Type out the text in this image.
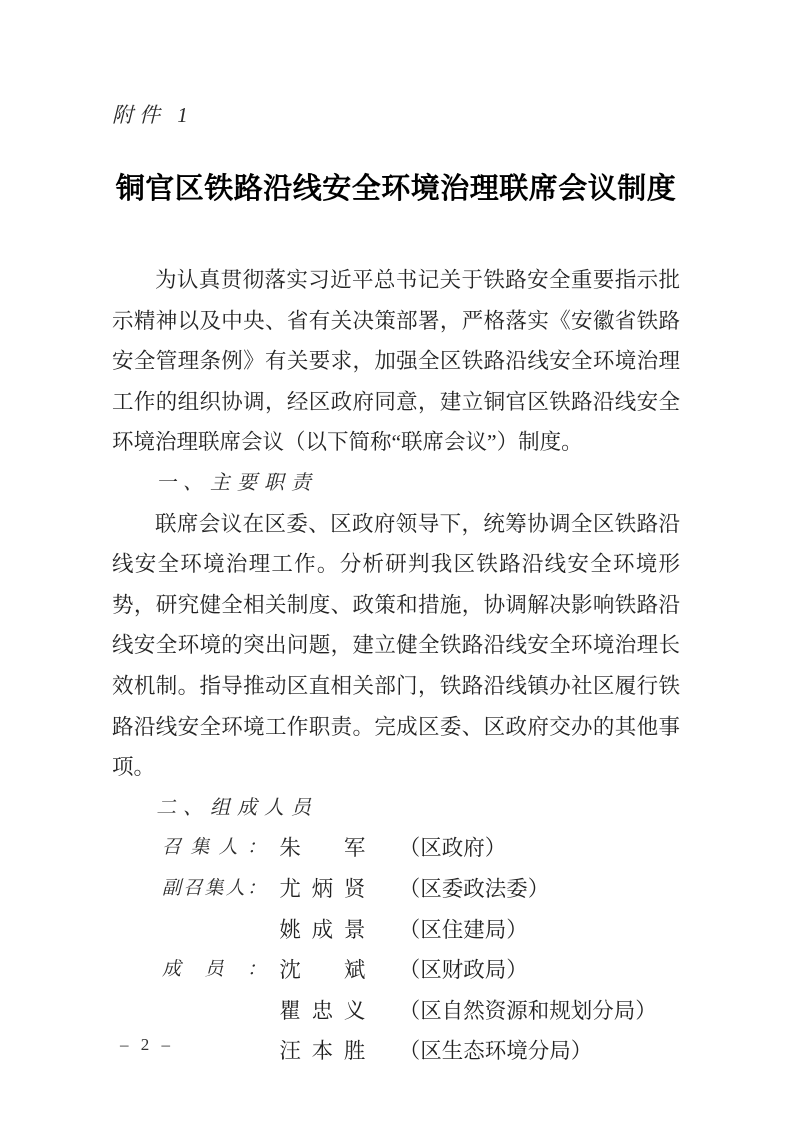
附件 1
铜官区铁路沿线安全环境治理联席会议制度

为认真贯彻落实习近平总书记关于铁路安全重要指示批示精神以及中央、省有关决策部署，严格落实《安徽省铁路安全管理条例》有关要求，加强全区铁路沿线安全环境治理工作的组织协调，经区政府同意，建立铜官区铁路沿线安全环境治理联席会议（以下简称“联席会议”）制度。

一、主要职责

联席会议在区委、区政府领导下，统筹协调全区铁路沿线安全环境治理工作。分析研判我区铁路沿线安全环境形势，研究健全相关制度、政策和措施，协调解决影响铁路沿线安全环境的突出问题，建立健全铁路沿线安全环境治理长效机制。指导推动区直相关部门，铁路沿线镇办社区履行铁路沿线安全环境工作职责。完成区委、区政府交办的其他事项。

二、组成人员
召集人： 朱军 （区政府）
副召集人： 尤炳贤 （区委政法委）
姚成景 （区住建局）
成员： 沈斌 （区财政局）
瞿忠义 （区自然资源和规划分局）
汪本胜 （区生态环境分局）
– 2 –
